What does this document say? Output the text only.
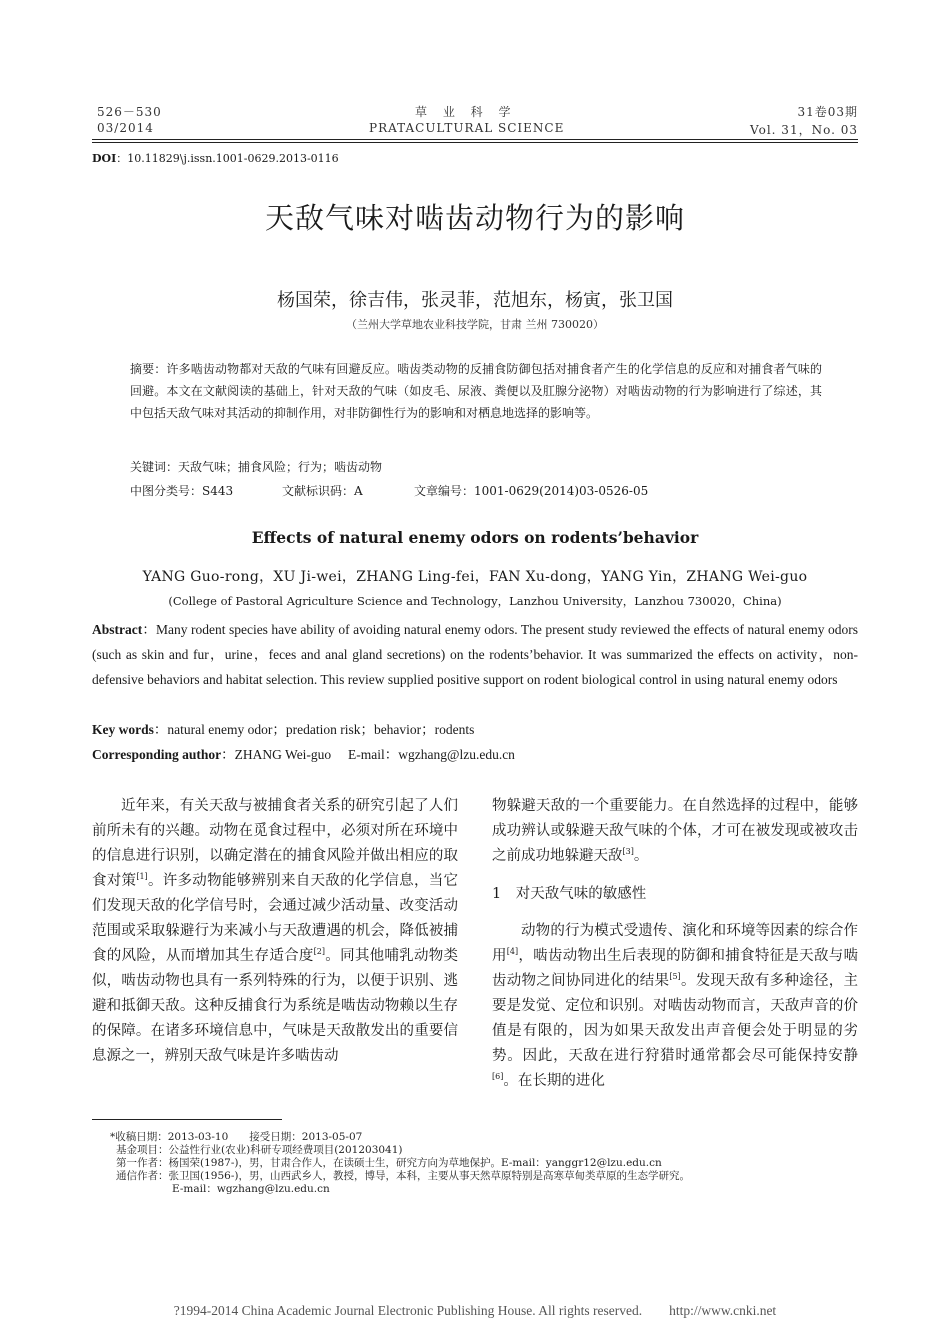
526－530
03/2014
草 业 科 学
PRATACULTURAL SCIENCE
31卷03期
Vol. 31，No. 03
DOI：10.11829\j.issn.1001-0629.2013-0116
天敌气味对啮齿动物行为的影响
杨国荣，徐吉伟，张灵菲，范旭东，杨寅，张卫国
（兰州大学草地农业科技学院，甘肃 兰州 730020）
摘要：许多啮齿动物都对天敌的气味有回避反应。啮齿类动物的反捕食防御包括对捕食者产生的化学信息的反应和对捕食者气味的回避。本文在文献阅读的基础上，针对天敌的气味（如皮毛、尿液、粪便以及肛腺分泌物）对啮齿动物的行为影响进行了综述，其中包括天敌气味对其活动的抑制作用，对非防御性行为的影响和对栖息地选择的影响等。
关键词：天敌气味；捕食风险；行为；啮齿动物
中图分类号：S443	文献标识码：A	文章编号：1001-0629(2014)03-0526-05
Effects of natural enemy odors on rodents’behavior
YANG Guo-rong，XU Ji-wei，ZHANG Ling-fei，FAN Xu-dong，YANG Yin，ZHANG Wei-guo
(College of Pastoral Agriculture Science and Technology，Lanzhou University，Lanzhou 730020，China)
Abstract：Many rodent species have ability of avoiding natural enemy odors. The present study reviewed the effects of natural enemy odors (such as skin and fur，urine，feces and anal gland secretions) on the rodents’behavior. It was summarized the effects on activity，non-defensive behaviors and habitat selection. This review supplied positive support on rodent biological control in using natural enemy odors
Key words：natural enemy odor；predation risk；behavior；rodents
Corresponding author：ZHANG Wei-guo　 E-mail：wgzhang@lzu.edu.cn
近年来，有关天敌与被捕食者关系的研究引起了人们前所未有的兴趣。动物在觅食过程中，必须对所在环境中的信息进行识别，以确定潜在的捕食风险并做出相应的取食对策[1]。许多动物能够辨别来自天敌的化学信息，当它们发现天敌的化学信号时，会通过减少活动量、改变活动范围或采取躲避行为来减小与天敌遭遇的机会，降低被捕食的风险，从而增加其生存适合度[2]。同其他哺乳动物类似，啮齿动物也具有一系列特殊的行为，以便于识别、逃避和抵御天敌。这种反捕食行为系统是啮齿动物赖以生存的保障。在诸多环境信息中，气味是天敌散发出的重要信息源之一，辨别天敌气味是许多啮齿动
物躲避天敌的一个重要能力。在自然选择的过程中，能够成功辨认或躲避天敌气味的个体，才可在被发现或被攻击之前成功地躲避天敌[3]。
1　对天敌气味的敏感性
动物的行为模式受遗传、演化和环境等因素的综合作用[4]，啮齿动物出生后表现的防御和捕食特征是天敌与啮齿动物之间协同进化的结果[5]。发现天敌有多种途径，主要是发觉、定位和识别。对啮齿动物而言，天敌声音的价值是有限的，因为如果天敌发出声音便会处于明显的劣势。因此，天敌在进行狩猎时通常都会尽可能保持安静[6]。在长期的进化
*收稿日期：2013-03-10　　接受日期：2013-05-07
基金项目：公益性行业(农业)科研专项经费项目(201203041)
第一作者：杨国荣(1987-)，男，甘肃合作人，在读硕士生，研究方向为草地保护。E-mail：yanggr12@lzu.edu.cn
通信作者：张卫国(1956-)，男，山西武乡人，教授，博导，本科，主要从事天然草原特别是高寒草甸类草原的生态学研究。
E-mail：wgzhang@lzu.edu.cn
?1994-2014 China Academic Journal Electronic Publishing House. All rights reserved.　　http://www.cnki.net
